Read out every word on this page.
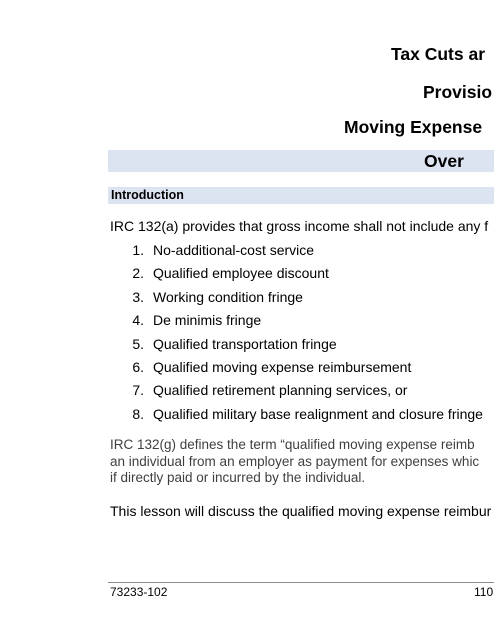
Tax Cuts ar
Provisio
Moving Expense
Over
Introduction
IRC 132(a) provides that gross income shall not include any f
1. No-additional-cost service
2. Qualified employee discount
3. Working condition fringe
4. De minimis fringe
5. Qualified transportation fringe
6. Qualified moving expense reimbursement
7. Qualified retirement planning services, or
8. Qualified military base realignment and closure fringe
IRC 132(g) defines the term “qualified moving expense reimb
an individual from an employer as payment for expenses whic
if directly paid or incurred by the individual.
This lesson will discuss the qualified moving expense reimbur
73233-102	110
